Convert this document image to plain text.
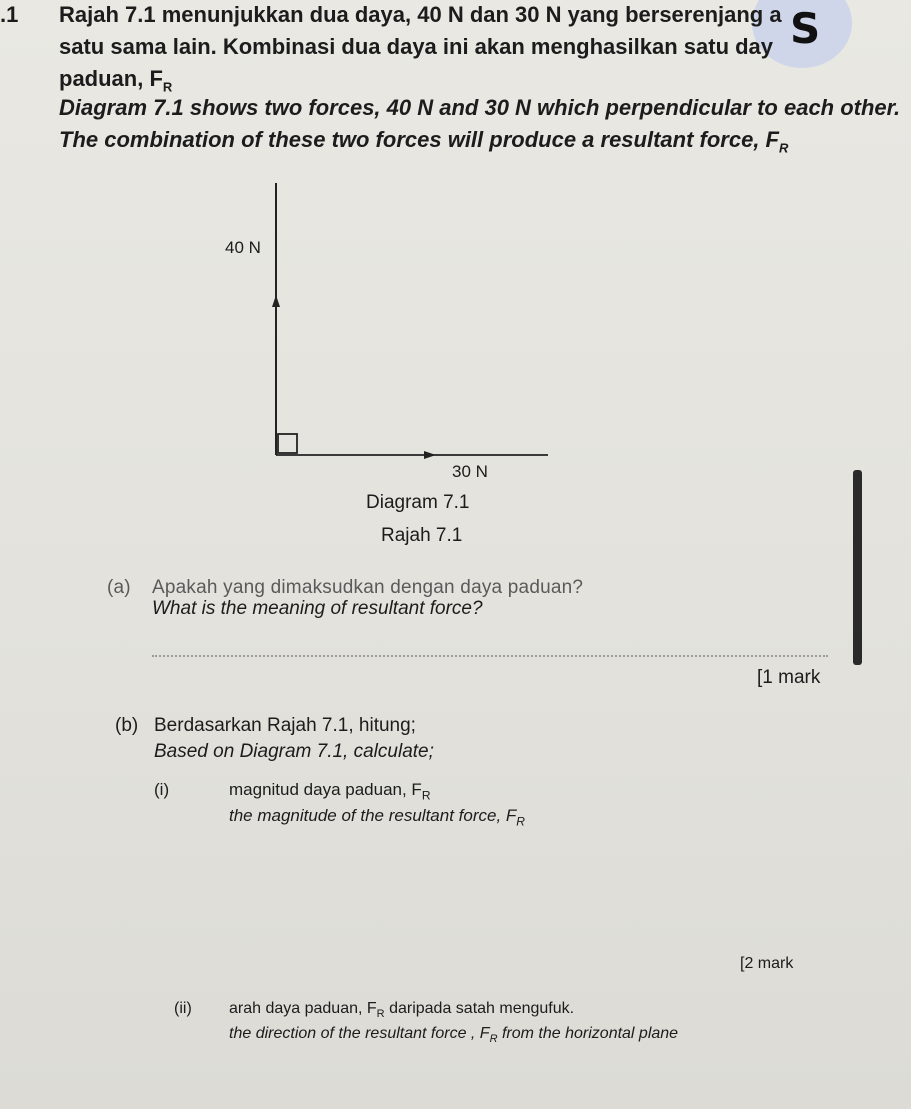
S
.1 Rajah 7.1 menunjukkan dua daya, 40 N dan 30 N yang berserenjang a
satu sama lain. Kombinasi dua daya ini akan menghasilkan satu day
paduan, $F_R$
Diagram 7.1 shows two forces, 40 N and 30 N which perpendicular to each other.
The combination of these two forces will produce a resultant force, $F_R$
40 N
30 N
Diagram 7.1
Rajah 7.1
(a) Apakah yang dimaksudkan dengan daya paduan?
What is the meaning of resultant force?
[1 mark
(b) Berdasarkan Rajah 7.1, hitung;
Based on Diagram 7.1, calculate;
(i)	magnitud daya paduan, $F_R$
the magnitude of the resultant force, $F_R$
[2 mark
(ii) arah daya paduan, $F_R$ daripada satah mengufuk.
the direction of the resultant force , $F_R$ from the horizontal plane
